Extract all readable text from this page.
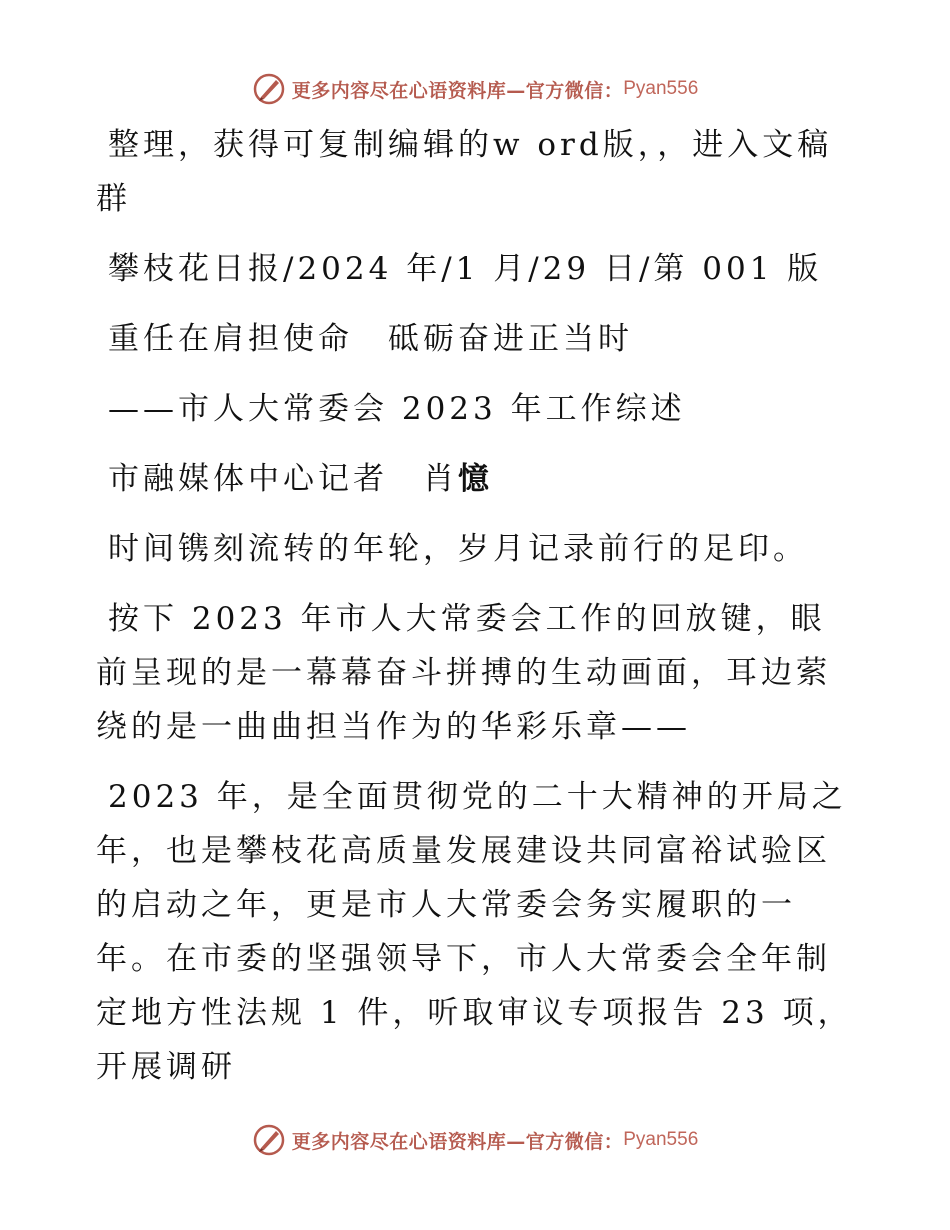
更多内容尽在心语资料库—官方微信： Pyan556

整理，获得可复制编辑的w ord版，，进入文稿群

攀枝花日报/2024 年/1 月/29 日/第 001 版

重任在肩担使命　砥砺奋进正当时

——市人大常委会 2023 年工作综述

市融媒体中心记者　肖憶

时间镌刻流转的年轮，岁月记录前行的足印。

按下 2023 年市人大常委会工作的回放键，眼前呈现的是一幕幕奋斗拼搏的生动画面，耳边萦绕的是一曲曲担当作为的华彩乐章——

2023 年，是全面贯彻党的二十大精神的开局之年，也是攀枝花高质量发展建设共同富裕试验区的启动之年，更是市人大常委会务实履职的一年。在市委的坚强领导下，市人大常委会全年制定地方性法规 1 件，听取审议专项报告 23 项，开展调研

更多内容尽在心语资料库—官方微信： Pyan556
